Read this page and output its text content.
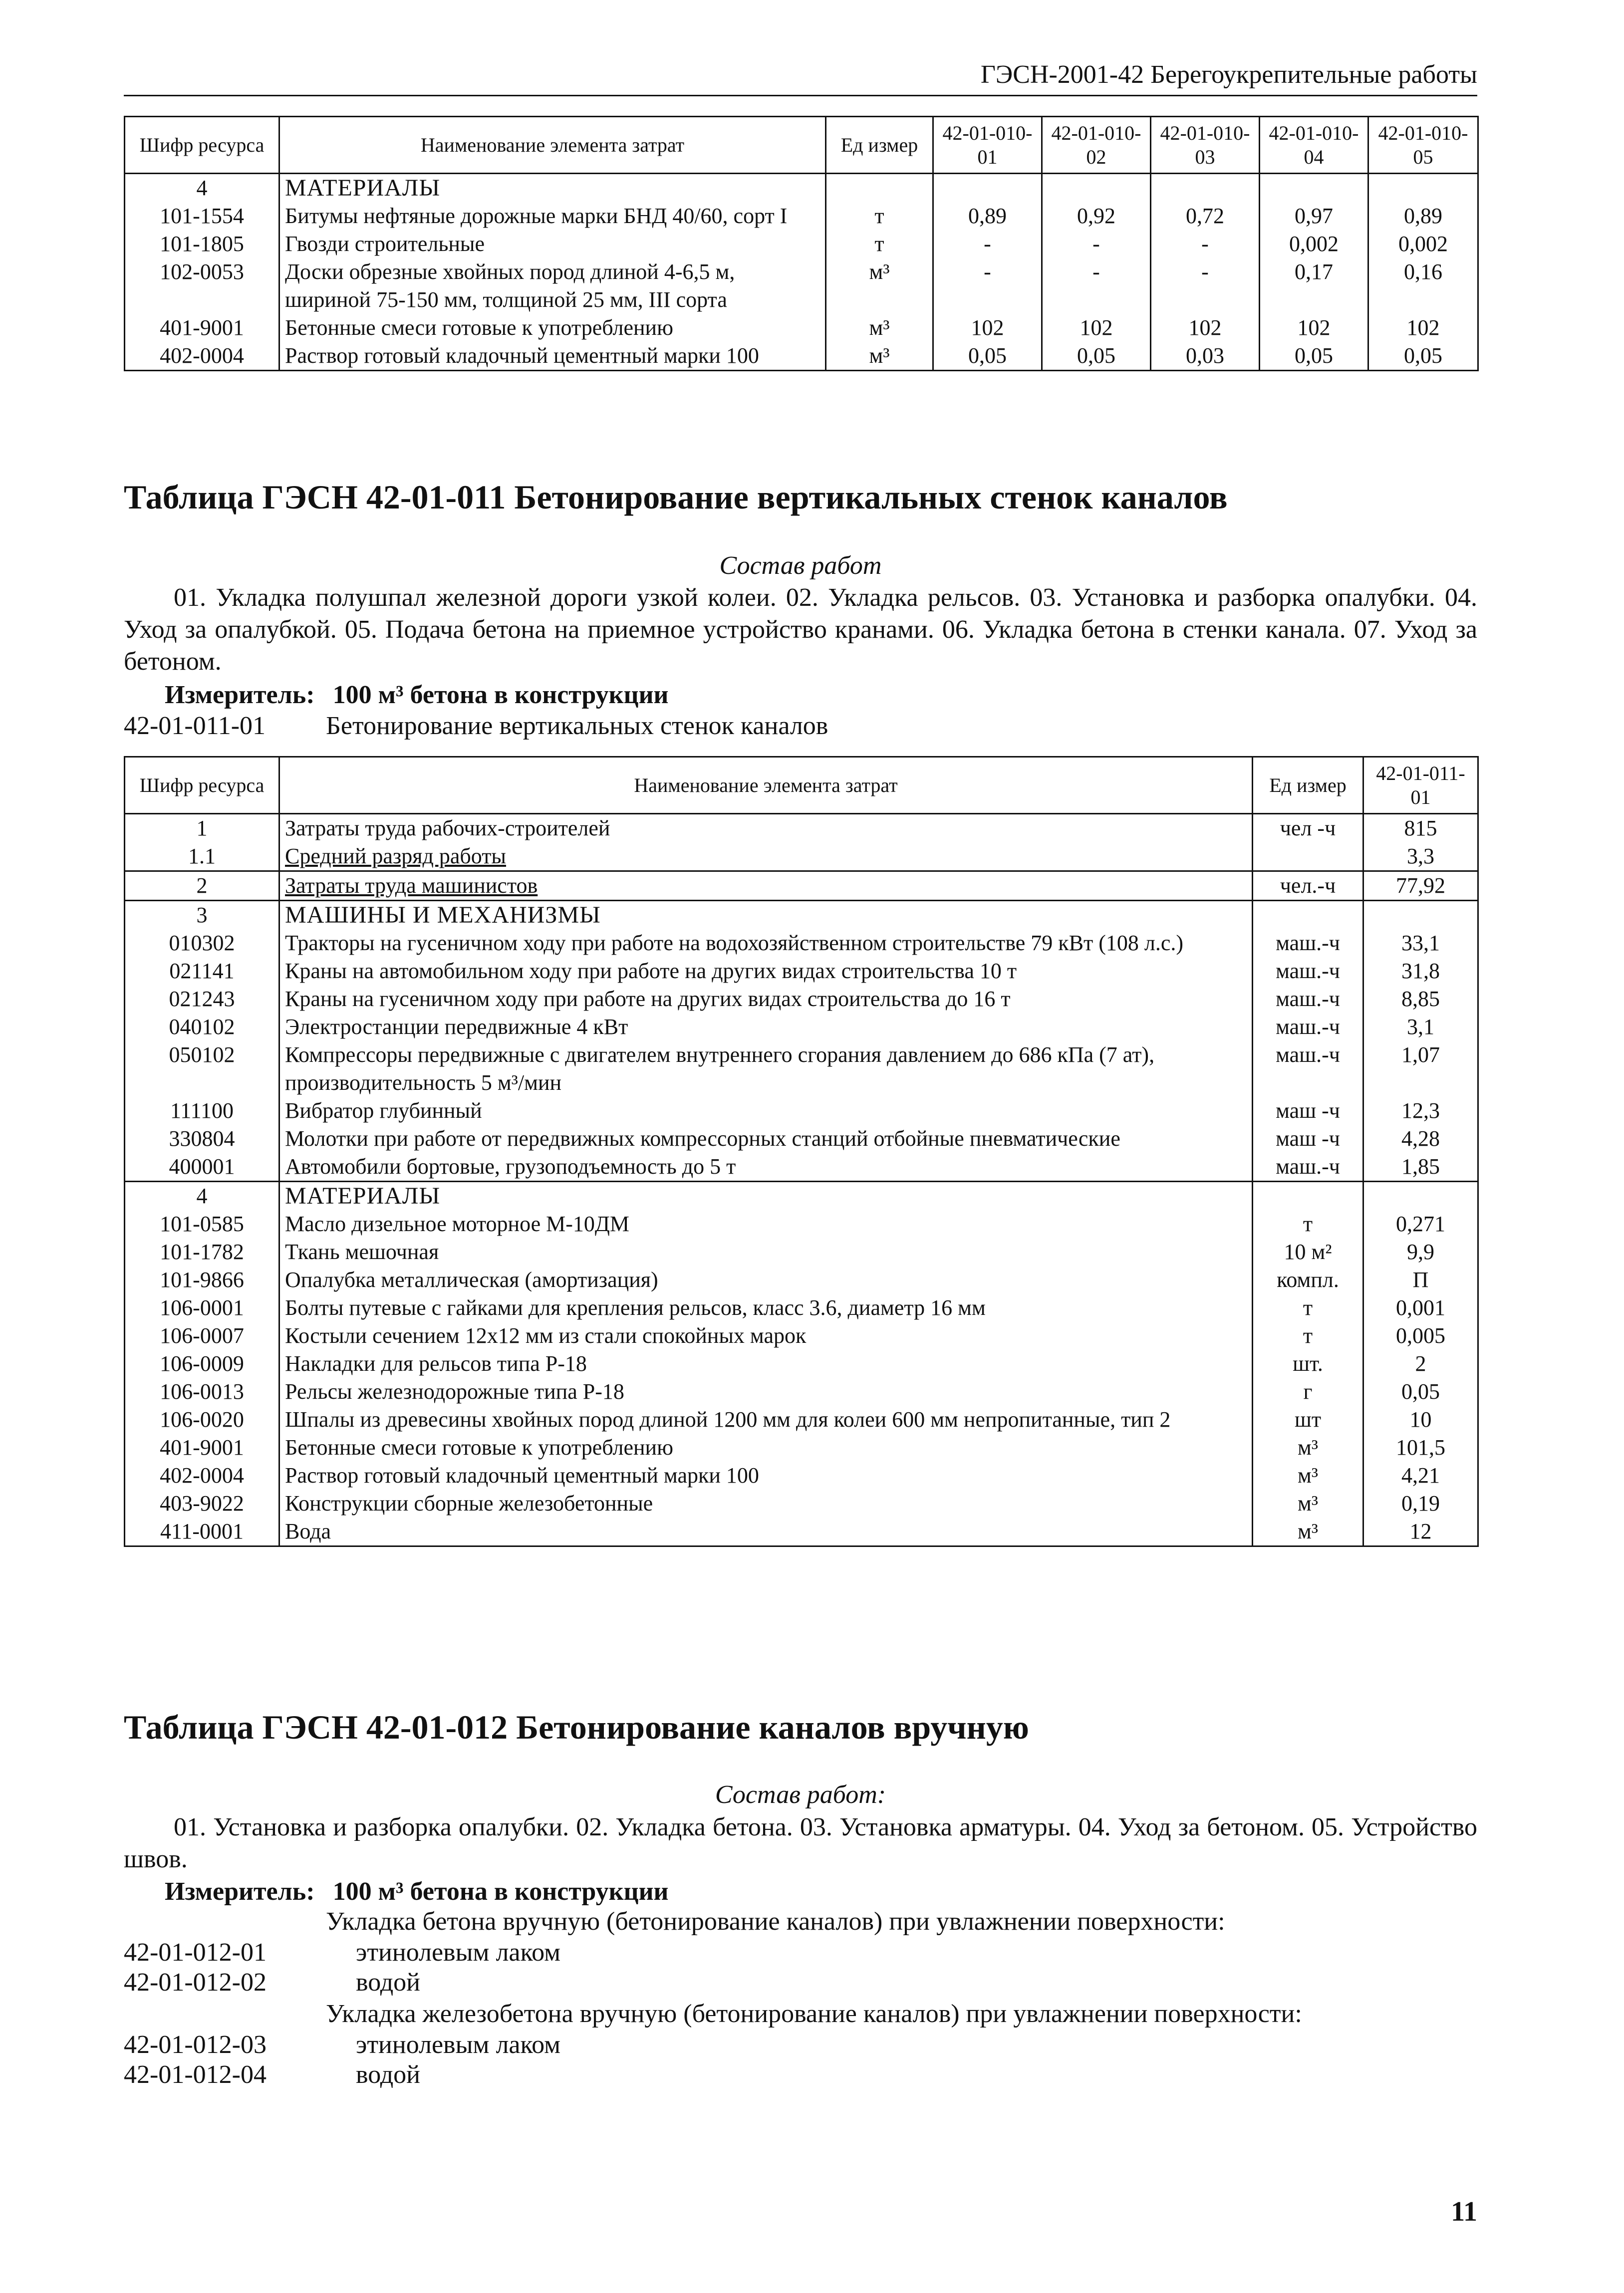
ГЭСН-2001-42 Берегоукрепительные работы
Шифр ресурса	Наименование элемента затрат	Ед измер	42-01-010-01	42-01-010-02	42-01-010-03	42-01-010-04	42-01-010-05
4	МАТЕРИАЛЫ						
101-1554	Битумы нефтяные дорожные марки БНД 40/60, сорт I	т	0,89	0,92	0,72	0,97	0,89
101-1805	Гвозди строительные	т	-	-	-	0,002	0,002
102-0053	Доски обрезные хвойных пород длиной 4-6,5 м, шириной 75-150 мм, толщиной 25 мм, III сорта	м³	-	-	-	0,17	0,16
401-9001	Бетонные смеси готовые к употреблению	м³	102	102	102	102	102
402-0004	Раствор готовый кладочный цементный марки 100	м³	0,05	0,05	0,03	0,05	0,05
Таблица ГЭСН 42-01-011 Бетонирование вертикальных стенок каналов
Состав работ
01. Укладка полушпал железной дороги узкой колеи. 02. Укладка рельсов. 03. Установка и разборка опалубки. 04. Уход за опалубкой. 05. Подача бетона на приемное устройство кранами. 06. Укладка бетона в стенки канала. 07. Уход за бетоном.
Измеритель: 100 м³ бетона в конструкции
42-01-011-01 Бетонирование вертикальных стенок каналов
Шифр ресурса	Наименование элемента затрат	Ед измер	42-01-011-01
1	Затраты труда рабочих-строителей	чел -ч	815
1.1	Средний разряд работы		3,3
2	Затраты труда машинистов	чел.-ч	77,92
3	МАШИНЫ И МЕХАНИЗМЫ		
010302	Тракторы на гусеничном ходу при работе на водохозяйственном строительстве 79 кВт (108 л.с.)	маш.-ч	33,1
021141	Краны на автомобильном ходу при работе на других видах строительства 10 т	маш.-ч	31,8
021243	Краны на гусеничном ходу при работе на других видах строительства до 16 т	маш.-ч	8,85
040102	Электростанции передвижные 4 кВт	маш.-ч	3,1
050102	Компрессоры передвижные с двигателем внутреннего сгорания давлением до 686 кПа (7 ат), производительность 5 м³/мин	маш.-ч	1,07
111100	Вибратор глубинный	маш -ч	12,3
330804	Молотки при работе от передвижных компрессорных станций отбойные пневматические	маш -ч	4,28
400001	Автомобили бортовые, грузоподъемность до 5 т	маш.-ч	1,85
4	МАТЕРИАЛЫ		
101-0585	Масло дизельное моторное М-10ДМ	т	0,271
101-1782	Ткань мешочная	10 м²	9,9
101-9866	Опалубка металлическая (амортизация)	компл.	П
106-0001	Болты путевые с гайками для крепления рельсов, класс 3.6, диаметр 16 мм	т	0,001
106-0007	Костыли сечением 12х12 мм из стали спокойных марок	т	0,005
106-0009	Накладки для рельсов типа Р-18	шт.	2
106-0013	Рельсы железнодорожные типа Р-18	г	0,05
106-0020	Шпалы из древесины хвойных пород длиной 1200 мм для колеи 600 мм непропитанные, тип 2	шт	10
401-9001	Бетонные смеси готовые к употреблению	м³	101,5
402-0004	Раствор готовый кладочный цементный марки 100	м³	4,21
403-9022	Конструкции сборные железобетонные	м³	0,19
411-0001	Вода	м³	12
Таблица ГЭСН 42-01-012 Бетонирование каналов вручную
Состав работ:
01. Установка и разборка опалубки. 02. Укладка бетона. 03. Установка арматуры. 04. Уход за бетоном. 05. Устройство швов.
Измеритель: 100 м³ бетона в конструкции
Укладка бетона вручную (бетонирование каналов) при увлажнении поверхности:
42-01-012-01	этинолевым лаком
42-01-012-02	водой
Укладка железобетона вручную (бетонирование каналов) при увлажнении поверхности:
42-01-012-03	этинолевым лаком
42-01-012-04	водой
11
